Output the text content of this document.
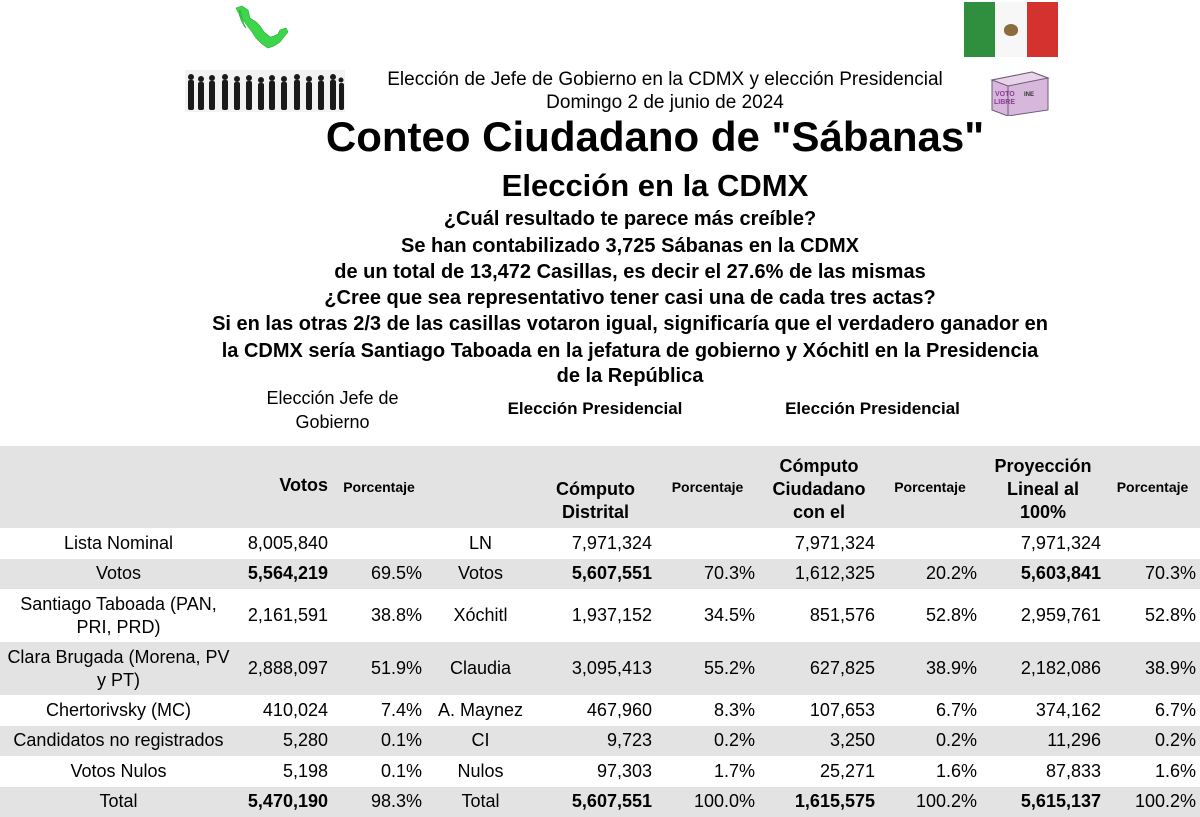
VOTO
LIBRE
INE
Elección de Jefe de Gobierno en la CDMX y elección Presidencial
Domingo 2 de junio de 2024
Conteo Ciudadano de "Sábanas"
Elección en la CDMX
¿Cuál resultado te parece más creíble?
Se han contabilizado 3,725 Sábanas en la CDMX
de un total de 13,472 Casillas, es decir el 27.6% de las mismas
¿Cree que sea representativo tener casi una de cada tres actas?
Si en las otras 2/3 de las casillas votaron igual, significaría que el verdadero ganador en
la CDMX sería Santiago Taboada en la jefatura de gobierno y Xóchitl en la Presidencia
de la República
Elección Jefe de Gobierno
Elección Presidencial	Elección Presidencial
	Votos	Porcentaje		Cómputo Distrital	Porcentaje	Cómputo Ciudadano con el	Porcentaje	Proyección Lineal al 100%	Porcentaje
Lista Nominal	8,005,840		LN	7,971,324		7,971,324		7,971,324	
Votos	5,564,219	69.5%	Votos	5,607,551	70.3%	1,612,325	20.2%	5,603,841	70.3%
Santiago Taboada (PAN, PRI, PRD)	2,161,591	38.8%	Xóchitl	1,937,152	34.5%	851,576	52.8%	2,959,761	52.8%
Clara Brugada (Morena, PV y PT)	2,888,097	51.9%	Claudia	3,095,413	55.2%	627,825	38.9%	2,182,086	38.9%
Chertorivsky (MC)	410,024	7.4%	A. Maynez	467,960	8.3%	107,653	6.7%	374,162	6.7%
Candidatos no registrados	5,280	0.1%	CI	9,723	0.2%	3,250	0.2%	11,296	0.2%
Votos Nulos	5,198	0.1%	Nulos	97,303	1.7%	25,271	1.6%	87,833	1.6%
Total	5,470,190	98.3%	Total	5,607,551	100.0%	1,615,575	100.2%	5,615,137	100.2%
